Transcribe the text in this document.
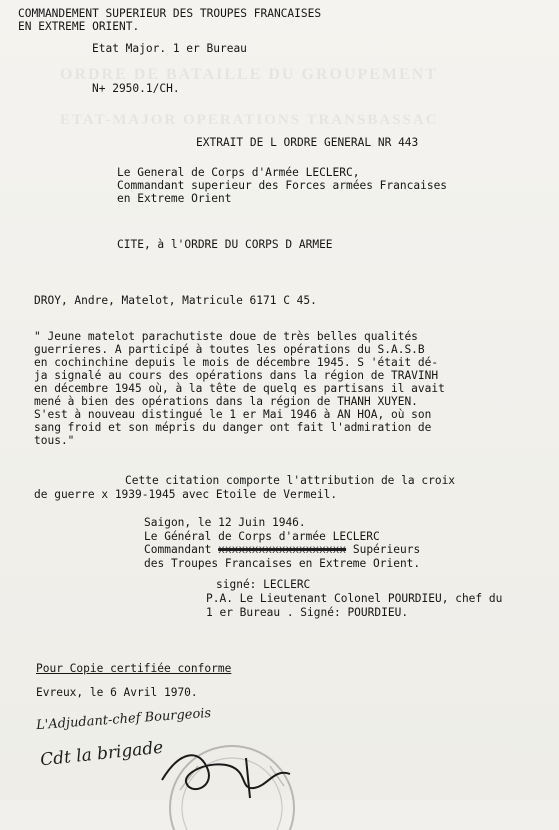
ORDRE DE BATAILLE DU GROUPEMENT
ETAT-MAJOR OPERATIONS TRANSBASSAC
COMMANDEMENT SUPERIEUR DES TROUPES FRANCAISES
EN EXTREME ORIENT.
Etat Major. 1 er Bureau
N+ 2950.1/CH.
EXTRAIT DE L ORDRE GENERAL NR 443
Le General de Corps d'Armée LECLERC,
Commandant superieur des Forces armées Francaises
en Extreme Orient
CITE, à l'ORDRE DU CORPS D ARMEE
DROY, Andre, Matelot, Matricule 6171 C 45.
" Jeune matelot parachutiste doue de très belles qualités
guerrieres. A participé à toutes les opérations du S.A.S.B
en cochinchine depuis le mois de décembre 1945. S 'était dé-
ja signalé au cours des opérations dans la région de TRAVINH
en décembre 1945 où, à la tête de quelq es partisans il avait
mené à bien des opérations dans la région de THANH XUYEN.
S'est à nouveau distingué le 1 er Mai 1946 à AN HOA, où son
sang froid et son mépris du danger ont fait l'admiration de
tous."
Cette citation comporte l'attribution de la croix
de guerre x 1939-1945 avec Etoile de Vermeil.
Saigon, le 12 Juin 1946.
Le Général de Corps d'armée LECLERC
Commandant xxxxxxxxxxxxxxxxxxx Supérieurs
des Troupes Francaises en Extreme Orient.
signé: LECLERC
P.A. Le Lieutenant Colonel POURDIEU, chef du
1 er Bureau . Signé: POURDIEU.
Pour Copie certifiée conforme
Evreux, le 6 Avril 1970.
L'Adjudant-chef Bourgeois
Cdt la brigade
